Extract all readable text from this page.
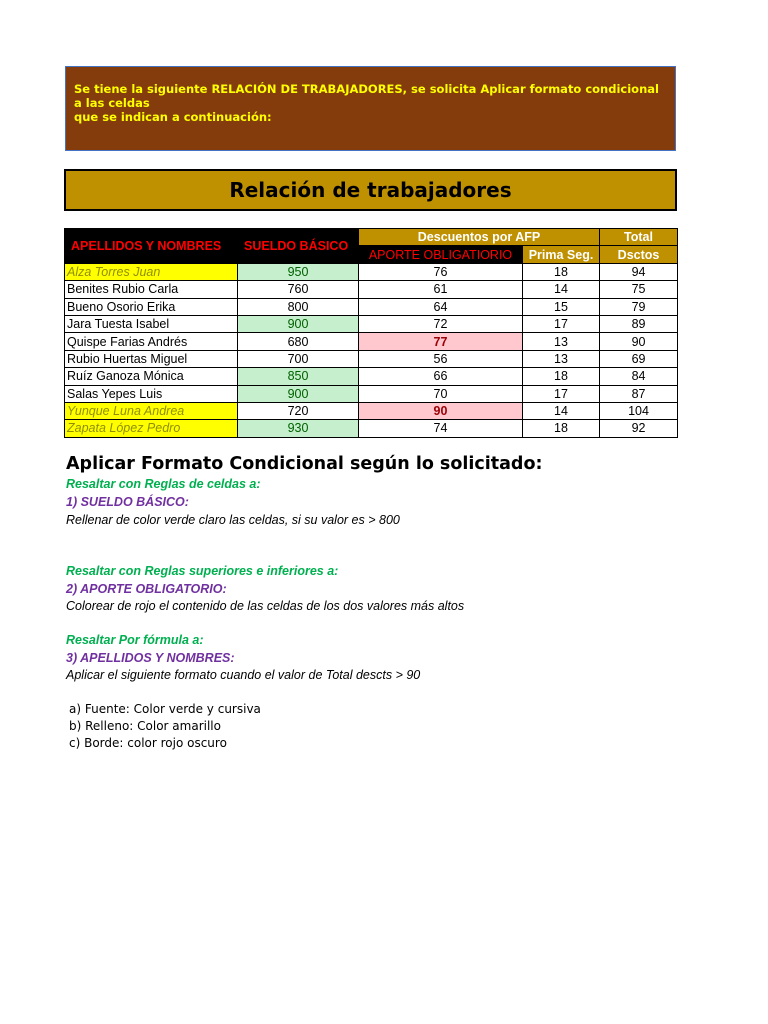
Se tiene la siguiente RELACIÓN DE TRABAJADORES, se solicita Aplicar formato condicional a las celdas
que se indican a continuación:
Relación de trabajadores
APELLIDOS Y NOMBRES	SUELDO BÁSICO	Descuentos por AFP		Total
		APORTE OBLIGATIORIO	Prima Seg.	Dsctos
Alza Torres Juan	950	76	18	94
Benites Rubio Carla	760	61	14	75
Bueno Osorio Erika	800	64	15	79
Jara Tuesta Isabel	900	72	17	89
Quispe Farias Andrés	680	77	13	90
Rubio Huertas Miguel	700	56	13	69
Ruíz Ganoza Mónica	850	66	18	84
Salas Yepes Luis	900	70	17	87
Yunque Luna Andrea	720	90	14	104
Zapata López Pedro	930	74	18	92
Aplicar Formato Condicional según lo solicitado:
Resaltar con Reglas de celdas a:
1) SUELDO BÁSICO:
Rellenar de color verde claro las celdas, si su valor es > 800
Resaltar con Reglas superiores e inferiores a:
2) APORTE OBLIGATORIO:
Colorear de rojo el contenido de las celdas de los dos valores más altos
Resaltar Por fórmula a:
3) APELLIDOS Y NOMBRES:
Aplicar el siguiente formato cuando el valor de Total descts > 90
a) Fuente: Color verde y cursiva
b) Relleno: Color amarillo
c) Borde: color rojo oscuro
